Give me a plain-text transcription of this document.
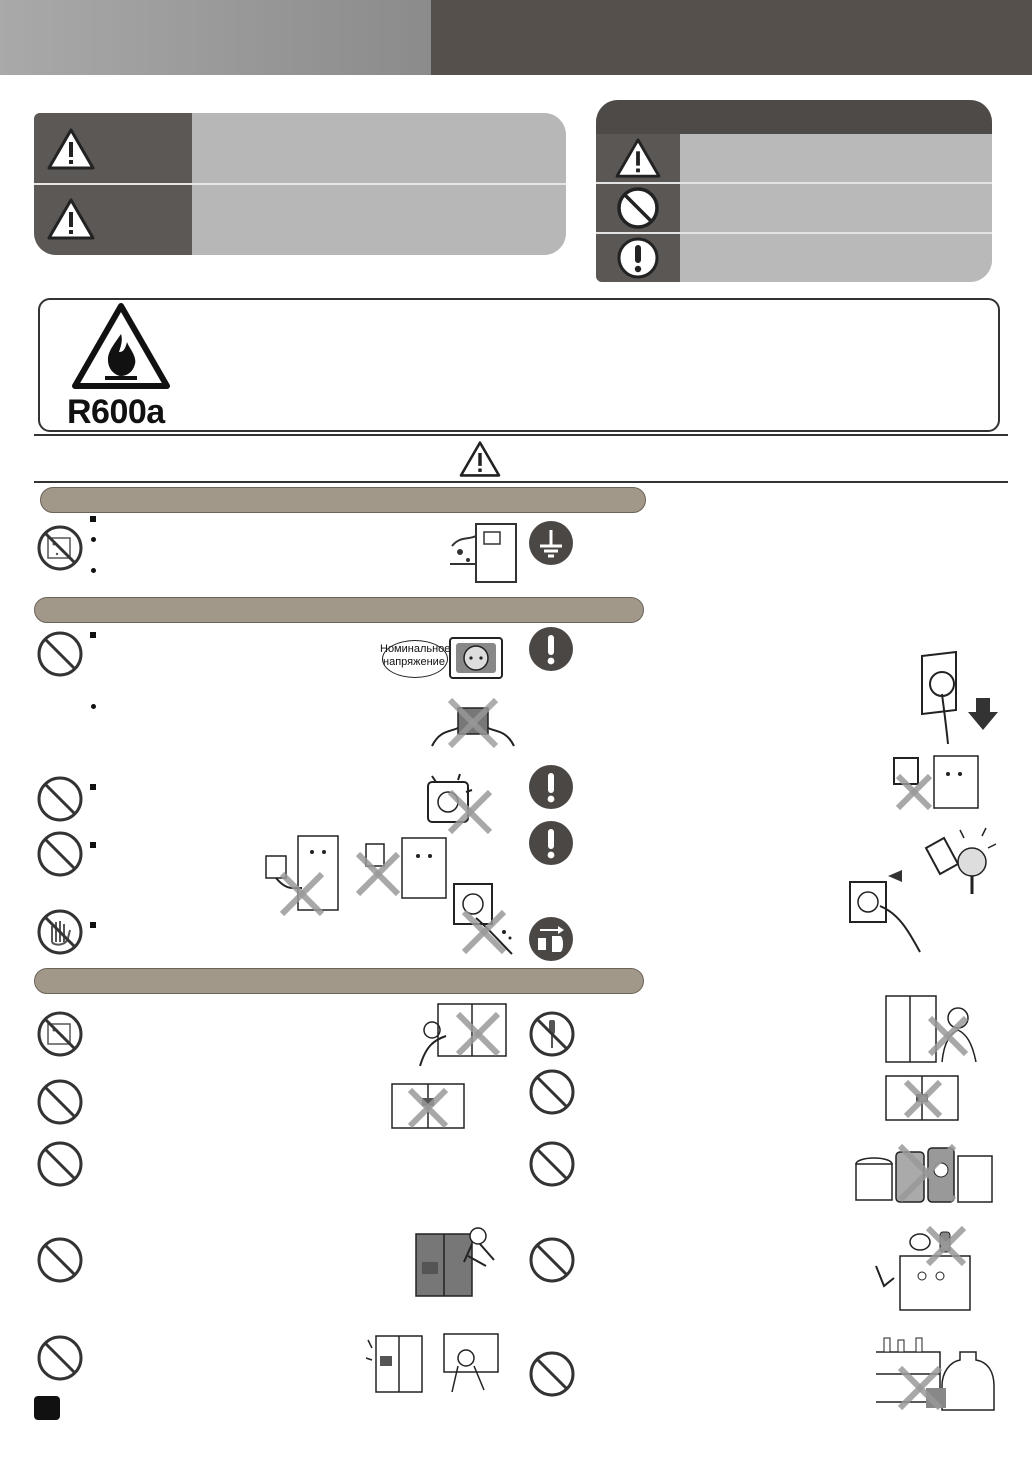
R600a
Номинальное
напряжение
